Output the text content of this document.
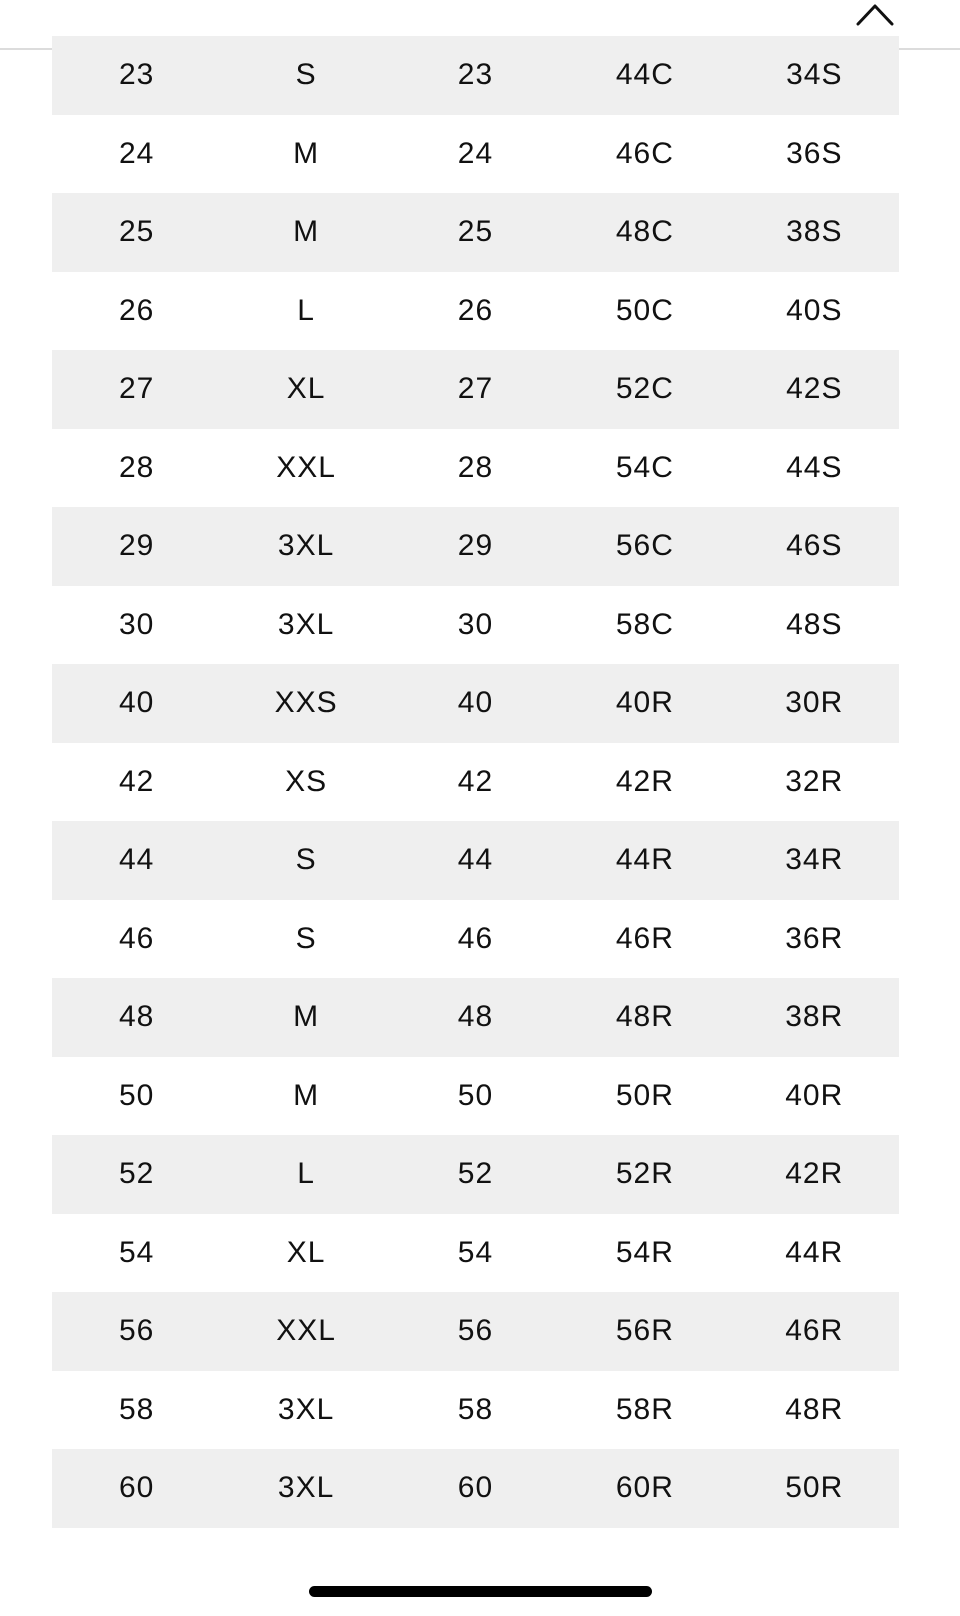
23	S	23	44C	34S
24	M	24	46C	36S
25	M	25	48C	38S
26	L	26	50C	40S
27	XL	27	52C	42S
28	XXL	28	54C	44S
29	3XL	29	56C	46S
30	3XL	30	58C	48S
40	XXS	40	40R	30R
42	XS	42	42R	32R
44	S	44	44R	34R
46	S	46	46R	36R
48	M	48	48R	38R
50	M	50	50R	40R
52	L	52	52R	42R
54	XL	54	54R	44R
56	XXL	56	56R	46R
58	3XL	58	58R	48R
60	3XL	60	60R	50R
